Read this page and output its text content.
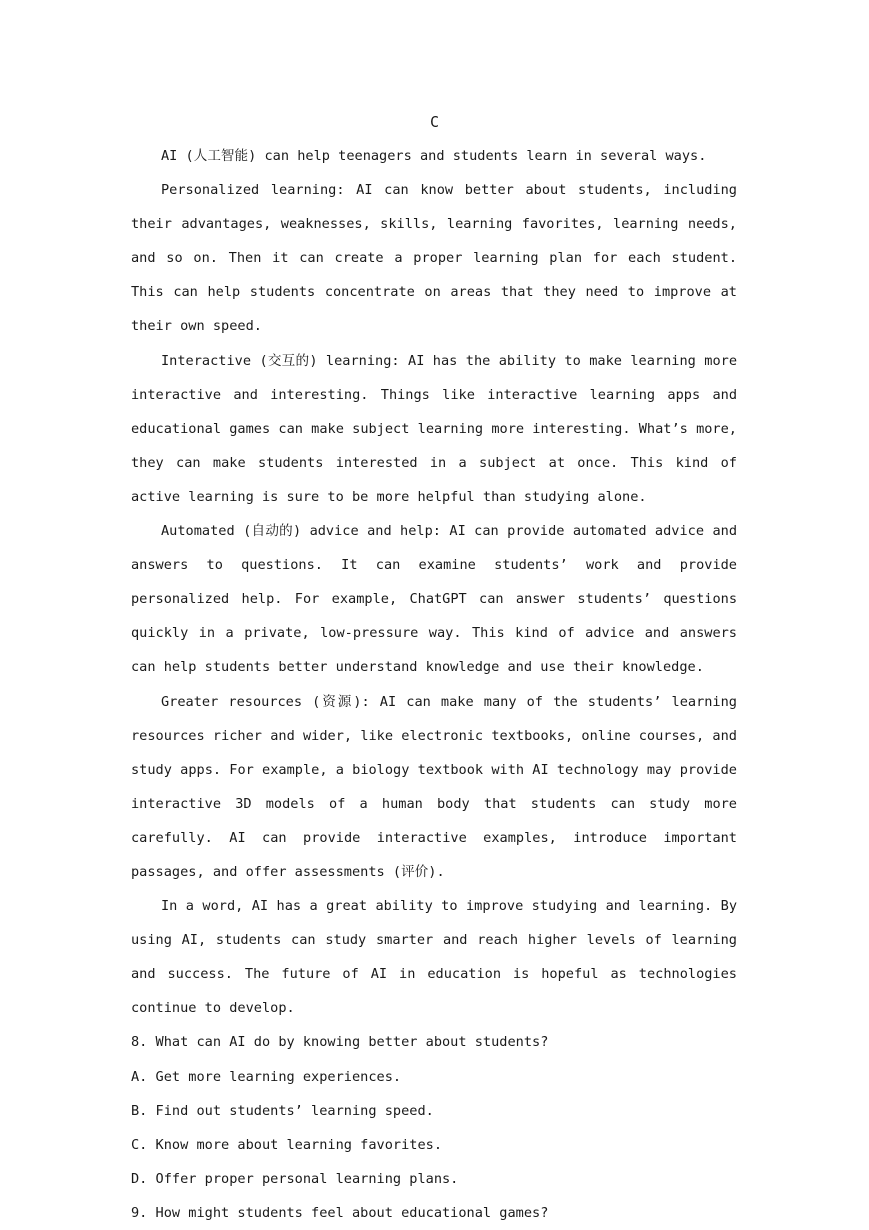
C

AI (人工智能) can help teenagers and students learn in several ways.

Personalized learning: AI can know better about students, including their advantages, weaknesses, skills, learning favorites, learning needs, and so on. Then it can create a proper learning plan for each student. This can help students concentrate on areas that they need to improve at their own speed.

Interactive (交互的) learning: AI has the ability to make learning more interactive and interesting. Things like interactive learning apps and educational games can make subject learning more interesting. What’s more, they can make students interested in a subject at once. This kind of active learning is sure to be more helpful than studying alone.

Automated (自动的) advice and help: AI can provide automated advice and answers to questions. It can examine students’ work and provide personalized help. For example, ChatGPT can answer students’ questions quickly in a private, low-pressure way. This kind of advice and answers can help students better understand knowledge and use their knowledge.

Greater resources (资源): AI can make many of the students’ learning resources richer and wider, like electronic textbooks, online courses, and study apps. For example, a biology textbook with AI technology may provide interactive 3D models of a human body that students can study more carefully. AI can provide interactive examples, introduce important passages, and offer assessments (评价).

In a word, AI has a great ability to improve studying and learning. By using AI, students can study smarter and reach higher levels of learning and success. The future of AI in education is hopeful as technologies continue to develop.

8. What can AI do by knowing better about students?

A. Get more learning experiences.

B. Find out students’ learning speed.

C. Know more about learning favorites.

D. Offer proper personal learning plans.

9. How might students feel about educational games?
